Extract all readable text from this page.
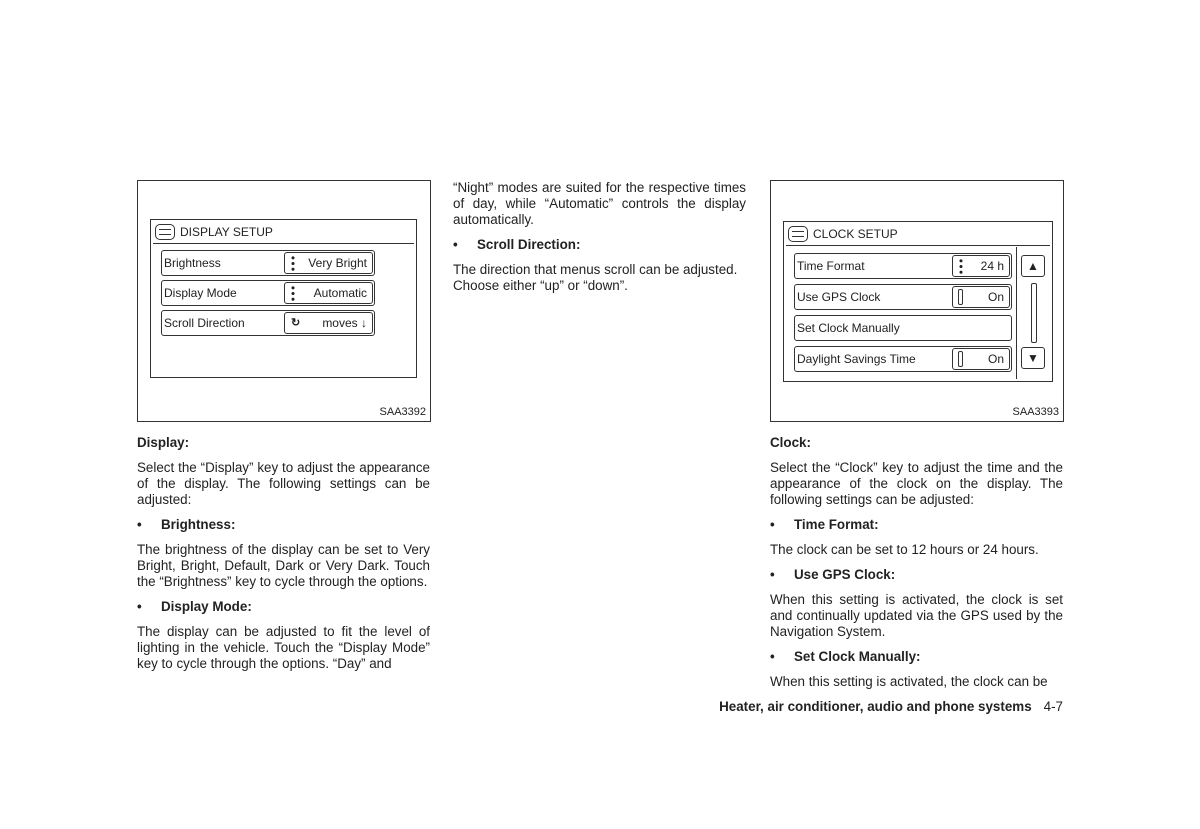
DISPLAY SETUP
Brightness	Very Bright
Display Mode	Automatic
Scroll Direction	↻ moves ↓
SAA3392
CLOCK SETUP
Time Format	24 h
Use GPS Clock	On
Set Clock Manually
Daylight Savings Time	On
▲
▼
SAA3393
Display:

Select the “Display” key to adjust the appearance of the display. The following settings can be adjusted:

•	Brightness:

The brightness of the display can be set to Very Bright, Bright, Default, Dark or Very Dark. Touch the “Brightness” key to cycle through the options.

•	Display Mode:

The display can be adjusted to fit the level of lighting in the vehicle. Touch the “Display Mode” key to cycle through the options. “Day” and

“Night” modes are suited for the respective times of day, while “Automatic” controls the display automatically.

•	Scroll Direction:

The direction that menus scroll can be adjusted. Choose either “up” or “down”.

Clock:

Select the “Clock” key to adjust the time and the appearance of the clock on the display. The following settings can be adjusted:

•	Time Format:

The clock can be set to 12 hours or 24 hours.

•	Use GPS Clock:

When this setting is activated, the clock is set and continually updated via the GPS used by the Navigation System.

•	Set Clock Manually:

When this setting is activated, the clock can be

Heater, air conditioner, audio and phone systems 4-7
